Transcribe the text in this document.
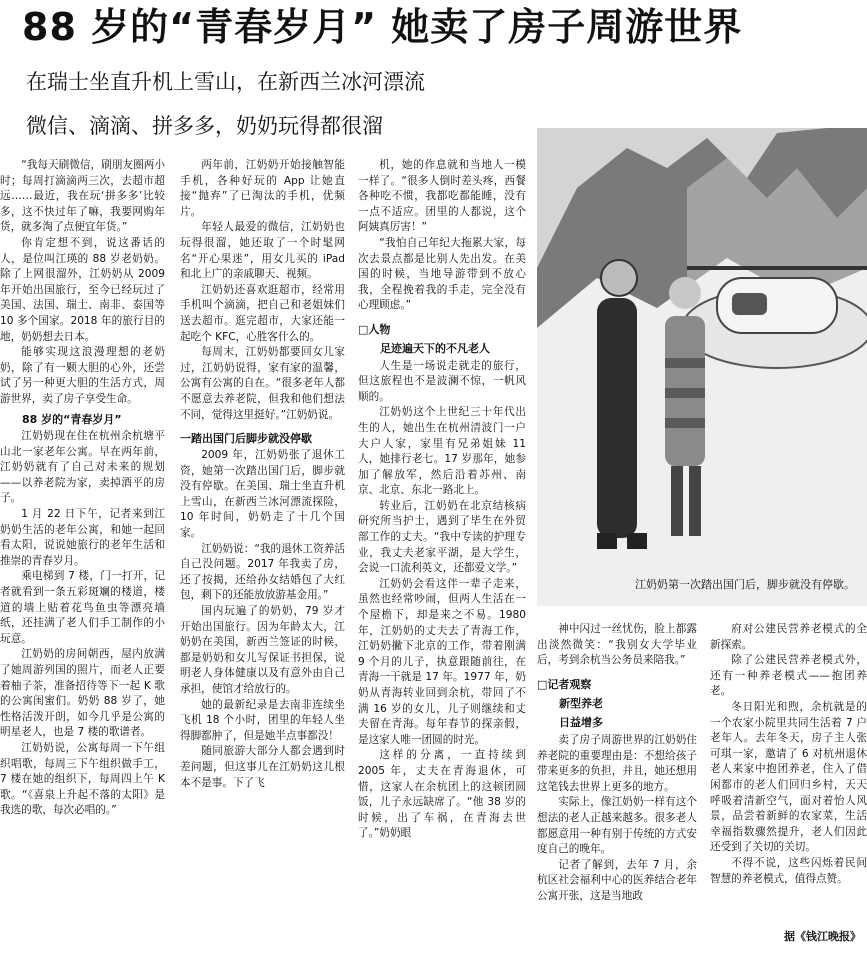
88 岁的“青春岁月” 她卖了房子周游世界
在瑞士坐直升机上雪山，在新西兰冰河漂流
微信、滴滴、拼多多，奶奶玩得都很溜

“我每天刷微信，刷朋友圈两小时；每周打滴滴两三次，去超市超远……最近，我在玩‘拼多多’比较多，这不快过年了嘛，我要网购年货，就多淘了点便宜年货。”

你肯定想不到，说这番话的人，是位叫江瑛的 88 岁老奶奶。除了上网很溜外，江奶奶从 2009 年开始出国旅行，至今已经玩过了美国、法国、瑞士、南非、泰国等 10 多个国家。2018 年的旅行目的地，奶奶想去日本。

能够实现这浪漫理想的老奶奶，除了有一颗大胆的心外，还尝试了另一种更大胆的生活方式，周游世界，卖了房子享受生命。

88 岁的“青春岁月”

江奶奶现在住在杭州余杭塘平山北一家老年公寓。早在两年前，江奶奶就有了自己对未来的规划——以养老院为家，卖掉酒平的房子。

1 月 22 日下午，记者来到江奶奶生活的老年公寓，和她一起回看太阳，说说她旅行的老年生活和推崇的青春岁月。

乘电梯到 7 楼，门一打开，记者就看到一条五彩斑斓的楼道，楼道的墙上贴着花鸟鱼虫等漂亮墙纸，还挂满了老人们手工制作的小玩意。

江奶奶的房间朝西，屋内放满了她周游列国的照片，而老人正要着柚子茶，准备招待等下一起 K 歌的公寓闺蜜们。奶奶 88 岁了，她性格活泼开朗，如今几乎是公寓的明星老人，也是 7 楼的歌谱者。

江奶奶说，公寓每周一下午组织唱歌，每周三下午组织做手工，7 楼在她的组织下，每周四上午 K 歌。“《喜泉上升起不落的太阳》是我选的歌，每次必唱的。”

两年前，江奶奶开始接触智能手机，各种好玩的 App 让她直接“抛弃”了已淘汰的手机，优频片。

年轻人最爱的微信，江奶奶也玩得很溜，她还取了一个时髦网名“开心果迷”，用女儿买的 iPad 和北上广的亲戚聊天、视频。

江奶奶还喜欢逛超市，经常用手机叫个滴滴，把自己和老姐妹们送去超市。逛完超市，大家还能一起吃个 KFC，心胜客什么的。

每周末，江奶奶都要回女儿家过，江奶奶说得，家有家的温馨，公寓有公寓的自在。“很多老年人都不愿意去养老院，但我和他们想法不同，觉得这里挺好。”江奶奶说。

一踏出国门后脚步就没停歇

2009 年，江奶奶张了退休工资，她第一次踏出国门后，脚步就没有停歇。在美国、瑞士坐直升机上雪山，在新西兰冰河漂流探险，10 年时间，奶奶走了十几个国家。

江奶奶说：“我的退休工资养活自己没问题。2017 年我卖了房，还了按揭，还给孙女结婚包了大红包，剩下的还能放放游基金用。”

国内玩遍了的奶奶，79 岁才开始出国旅行。因为年龄太大，江奶奶在美国，新西兰签证的时候，都是奶奶和女儿写保证书担保，说明老人身体健康以及有意外由自己承担，使馆才给放行的。

她的最新纪录是去南非连续坐飞机 18 个小时，团里的年轻人坐得脚都肿了，但是她半点事都没！

随同旅游大部分人都会遇到时差问题，但这事儿在江奶奶这儿根本不是事。下了飞

机，她的作息就和当地人一模一样了。“很多人倒时差头疼，西餐各种吃不惯，我都吃都能睡，没有一点不适应。团里的人都说，这个阿姨真厉害！”

“我怕自己年纪大拖累大家，每次去景点都是比别人先出发。在美国的时候，当地导游带到不放心我，全程挽着我的手走，完全没有心理顾虑。”

□人物
足迹遍天下的不凡老人

人生是一场说走就走的旅行，但这旅程也不是波澜不惊，一帆风顺的。

江奶奶这个上世纪三十年代出生的人，她出生在杭州清波门一户大户人家，家里有兄弟姐妹 11 人，她排行老七。17 岁那年，她参加了解放军，然后沿着苏州、南京、北京、东北一路北上。

转业后，江奶奶在北京结核病研究所当护士，遇到了毕生在外贸部工作的丈夫。“我中专读的护理专业，我丈夫老家平湖，是大学生，会说一口流利英文，还都爱文学。”

江奶奶会看这伴一辈子走来，虽然也经常吵闹，但两人生活在一个屋檐下，却是来之不易。1980 年，江奶奶的丈夫去了青海工作，江奶奶撇下北京的工作，带着刚满 9 个月的儿子，执意跟随前往，在青海一干就是 17 年。1977 年，奶奶从青海转业回到余杭，带回了不满 16 岁的女儿，儿子则继续和丈夫留在青海。每年春节的探亲假，是这家人唯一团圆的时光。

这样的分离，一直持续到 2005 年，丈夫在青海退休，可惜，这家人在余杭团上的这顿团圆饭，儿子永远缺席了。“他 38 岁的时候，出了车祸，在青海去世了。”奶奶眼

江奶奶第一次踏出国门后，脚步就没有停歇。

神中闪过一丝忧伤，脸上都露出淡然微笑：“我别女大学毕业后，考到余杭当公务员来陪我。”

□记者观察
新型养老
日益增多

卖了房子周游世界的江奶奶住养老院的重要理由是：不想给孩子带来更多的负担，并且，她还想用这笔钱去世界上更多的地方。

实际上，像江奶奶一样有这个想法的老人正越来越多。很多老人都愿意用一种有别于传统的方式安度自己的晚年。

记者了解到，去年 7 月，余杭区社会福利中心的医养结合老年公寓开张，这是当地政

府对公建民营养老模式的全新探索。

除了公建民营养老模式外，还有一种养老模式——抱团养老。

冬日阳光和煦，余杭就是的一个农家小院里共同生活着 7 户老年人。去年冬天，房子主人张可琪一家，邀请了 6 对杭州退休老人来家中抱团养老，住入了借闲都市的老人们回归乡村，天天呼吸着清新空气，面对着怡人风景，品尝着新鲜的农家菜，生活幸福指数骤然提升，老人们因此还受到了关切的关切。

不得不说，这些闪烁着民间智慧的养老模式，值得点赞。

据《钱江晚报》
